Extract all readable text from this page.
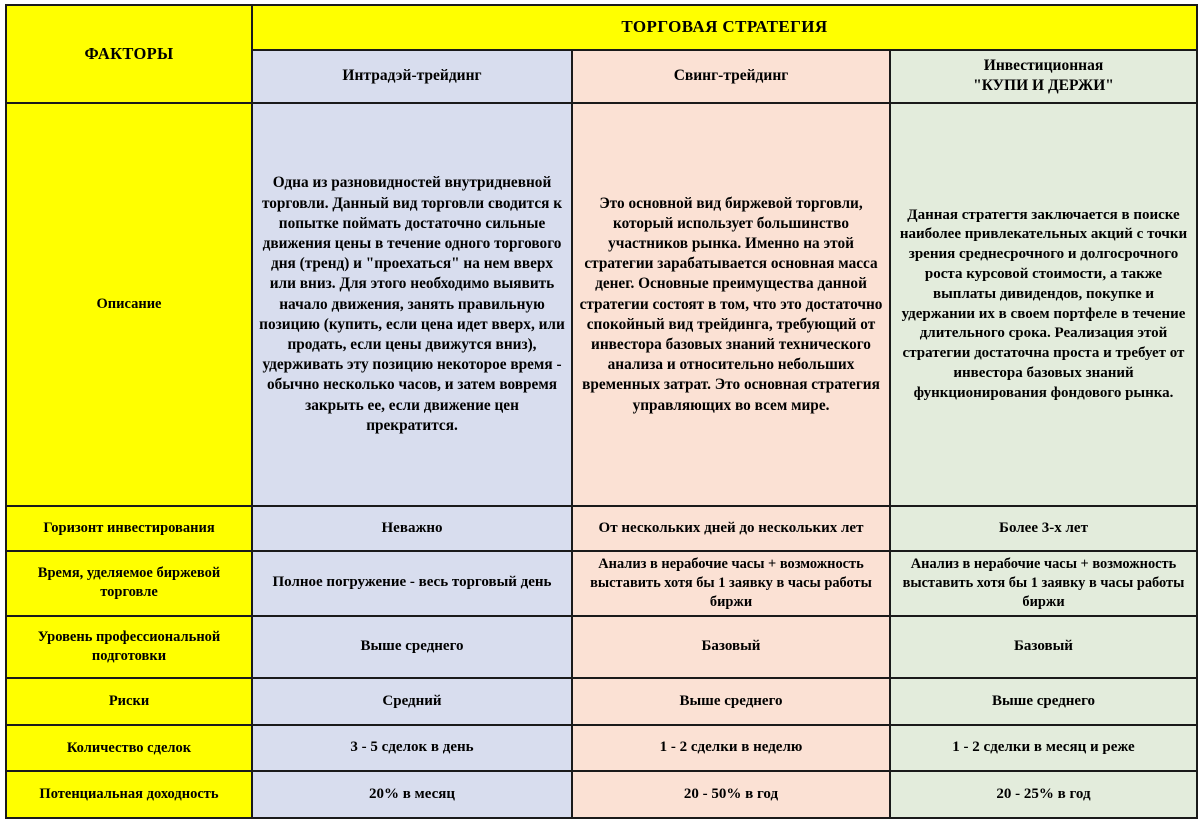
ФАКТОРЫ	ТОРГОВАЯ СТРАТЕГИЯ		
	Интрадэй-трейдинг	Свинг-трейдинг	Инвестиционная
"КУПИ И ДЕРЖИ"
Описание	Одна из разновидностей внутридневной торговли. Данный вид торговли сводится к попытке поймать достаточно сильные движения цены в течение одного торгового дня (тренд) и "проехаться" на нем вверх или вниз. Для этого необходимо выявить начало движения, занять правильную позицию (купить, если цена идет вверх, или продать, если цены движутся вниз), удерживать эту позицию некоторое время - обычно несколько часов, и затем вовремя закрыть ее, если движение цен прекратится.	Это основной вид биржевой торговли, который использует большинство участников рынка. Именно на этой стратегии зарабатывается основная масса денег. Основные преимущества данной стратегии состоят в том, что это достаточно спокойный вид трейдинга, требующий от инвестора базовых знаний технического анализа и относительно небольших временных затрат. Это основная стратегия управляющих во всем мире.	Данная стратегтя заключается в поиске наиболее привлекательных акций с точки зрения среднесрочного и долгосрочного роста курсовой стоимости, а также выплаты дивидендов, покупке и удержании их в своем портфеле в течение длительного срока. Реализация этой стратегии достаточна проста и требует от инвестора базовых знаний функционирования фондового рынка.
Горизонт инвестирования	Неважно	От нескольких дней до нескольких лет	Более 3-х лет
Время, уделяемое биржевой торговле	Полное погружение - весь торговый день	Анализ в нерабочие часы + возможность выставить хотя бы 1 заявку в часы работы биржи	Анализ в нерабочие часы + возможность выставить хотя бы 1 заявку в часы работы биржи
Уровень профессиональной подготовки	Выше среднего	Базовый	Базовый
Риски	Средний	Выше среднего	Выше среднего
Количество сделок	3 - 5 сделок в день	1 - 2 сделки в неделю	1 - 2 сделки в месяц и реже
Потенциальная доходность	20% в месяц	20 - 50% в год	20 - 25% в год
